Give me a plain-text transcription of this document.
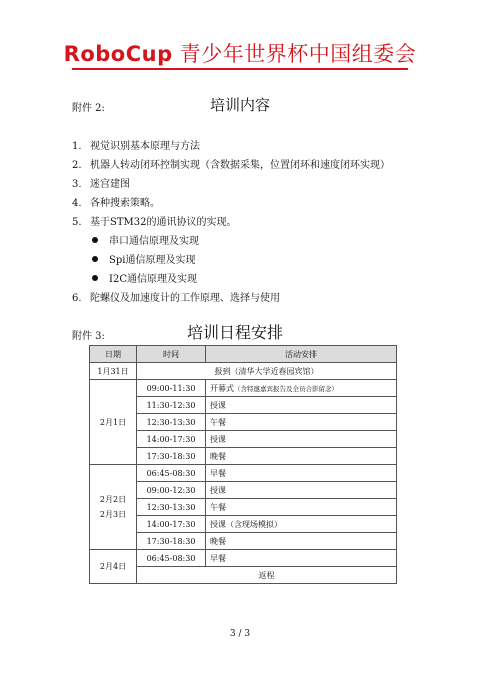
RoboCup 青少年世界杯中国组委会
附件 2:	培训内容
1. 视觉识别基本原理与方法
2. 机器人转动闭环控制实现（含数据采集，位置闭环和速度闭环实现）
3. 迷宫建图
4. 各种搜索策略。
5. 基于STM32的通讯协议的实现。
串口通信原理及实现
Spi通信原理及实现
I2C通信原理及实现
6. 陀螺仪及加速度计的工作原理、选择与使用
附件 3:	培训日程安排
日期	时间	活动安排
1月31日	报到（清华大学近春园宾馆）	
2月1日	09:00-11:30	开幕式（含特邀嘉宾报告及全员合影留念）
	11:30-12:30	授课
	12:30-13:30	午餐
	14:00-17:30	授课
	17:30-18:30	晚餐

2月2日
2月3日	06:45-08:30	早餐
	09:00-12:30	授课
	12:30-13:30	午餐
	14:00-17:30	授课（含现场模拟）
	17:30-18:30	晚餐
2月4日	06:45-08:30	早餐
	返程	
3 / 3
